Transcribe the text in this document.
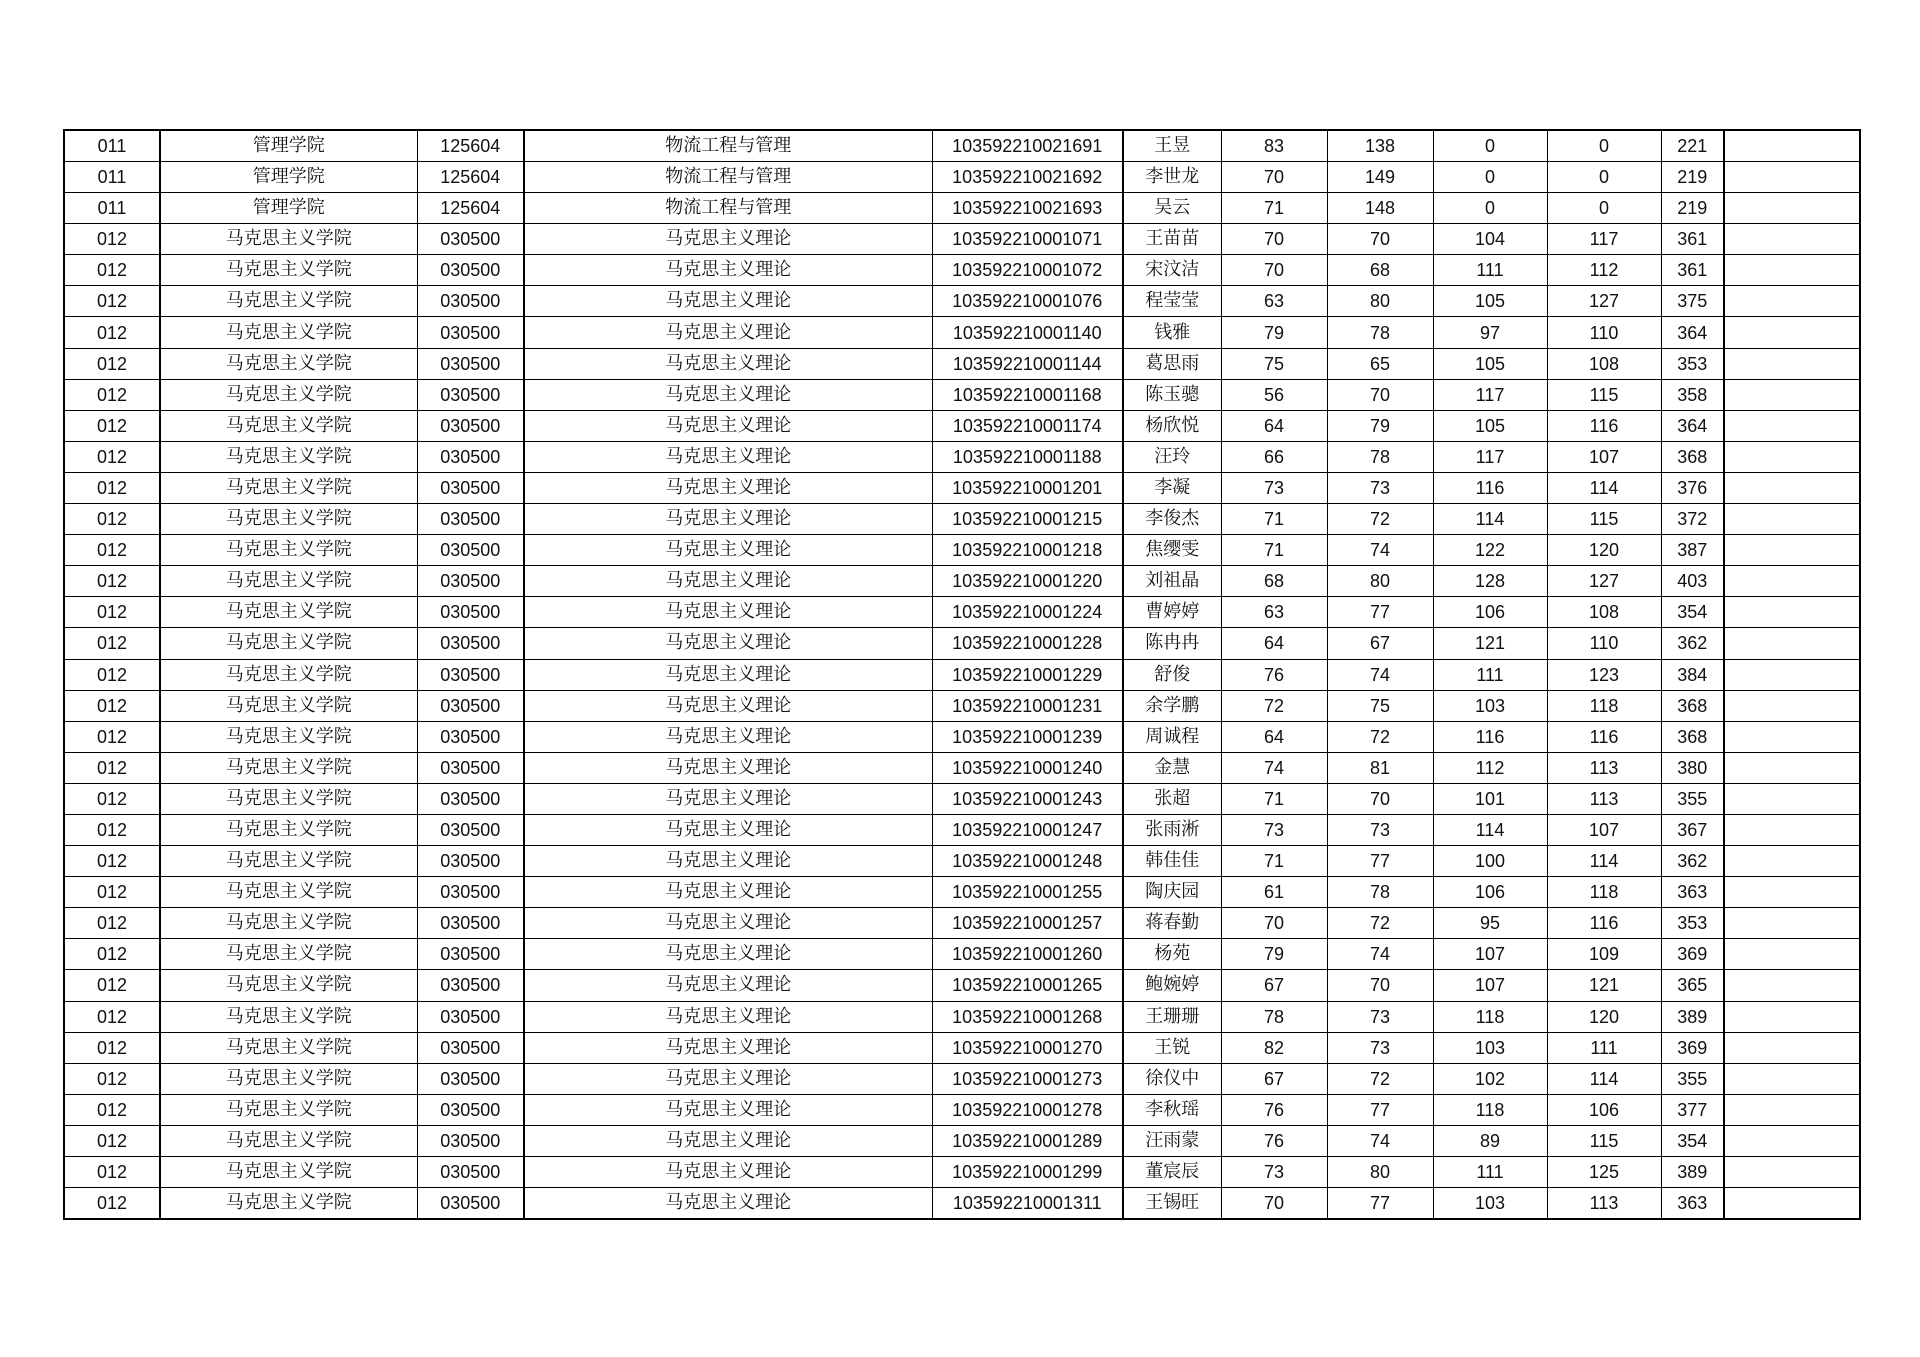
011	管理学院	125604	物流工程与管理	103592210021691	王昱	83	138	0	0	221	
011	管理学院	125604	物流工程与管理	103592210021692	李世龙	70	149	0	0	219	
011	管理学院	125604	物流工程与管理	103592210021693	吴云	71	148	0	0	219	
012	马克思主义学院	030500	马克思主义理论	103592210001071	王苗苗	70	70	104	117	361	
012	马克思主义学院	030500	马克思主义理论	103592210001072	宋汶洁	70	68	111	112	361	
012	马克思主义学院	030500	马克思主义理论	103592210001076	程莹莹	63	80	105	127	375	
012	马克思主义学院	030500	马克思主义理论	103592210001140	钱雅	79	78	97	110	364	
012	马克思主义学院	030500	马克思主义理论	103592210001144	葛思雨	75	65	105	108	353	
012	马克思主义学院	030500	马克思主义理论	103592210001168	陈玉骢	56	70	117	115	358	
012	马克思主义学院	030500	马克思主义理论	103592210001174	杨欣悦	64	79	105	116	364	
012	马克思主义学院	030500	马克思主义理论	103592210001188	汪玲	66	78	117	107	368	
012	马克思主义学院	030500	马克思主义理论	103592210001201	李凝	73	73	116	114	376	
012	马克思主义学院	030500	马克思主义理论	103592210001215	李俊杰	71	72	114	115	372	
012	马克思主义学院	030500	马克思主义理论	103592210001218	焦缨雯	71	74	122	120	387	
012	马克思主义学院	030500	马克思主义理论	103592210001220	刘祖晶	68	80	128	127	403	
012	马克思主义学院	030500	马克思主义理论	103592210001224	曹婷婷	63	77	106	108	354	
012	马克思主义学院	030500	马克思主义理论	103592210001228	陈冉冉	64	67	121	110	362	
012	马克思主义学院	030500	马克思主义理论	103592210001229	舒俊	76	74	111	123	384	
012	马克思主义学院	030500	马克思主义理论	103592210001231	余学鹏	72	75	103	118	368	
012	马克思主义学院	030500	马克思主义理论	103592210001239	周诚程	64	72	116	116	368	
012	马克思主义学院	030500	马克思主义理论	103592210001240	金慧	74	81	112	113	380	
012	马克思主义学院	030500	马克思主义理论	103592210001243	张超	71	70	101	113	355	
012	马克思主义学院	030500	马克思主义理论	103592210001247	张雨淅	73	73	114	107	367	
012	马克思主义学院	030500	马克思主义理论	103592210001248	韩佳佳	71	77	100	114	362	
012	马克思主义学院	030500	马克思主义理论	103592210001255	陶庆园	61	78	106	118	363	
012	马克思主义学院	030500	马克思主义理论	103592210001257	蒋春勤	70	72	95	116	353	
012	马克思主义学院	030500	马克思主义理论	103592210001260	杨苑	79	74	107	109	369	
012	马克思主义学院	030500	马克思主义理论	103592210001265	鲍婉婷	67	70	107	121	365	
012	马克思主义学院	030500	马克思主义理论	103592210001268	王珊珊	78	73	118	120	389	
012	马克思主义学院	030500	马克思主义理论	103592210001270	王锐	82	73	103	111	369	
012	马克思主义学院	030500	马克思主义理论	103592210001273	徐仪中	67	72	102	114	355	
012	马克思主义学院	030500	马克思主义理论	103592210001278	李秋瑶	76	77	118	106	377	
012	马克思主义学院	030500	马克思主义理论	103592210001289	汪雨蒙	76	74	89	115	354	
012	马克思主义学院	030500	马克思主义理论	103592210001299	董宸辰	73	80	111	125	389	
012	马克思主义学院	030500	马克思主义理论	103592210001311	王锡旺	70	77	103	113	363	
